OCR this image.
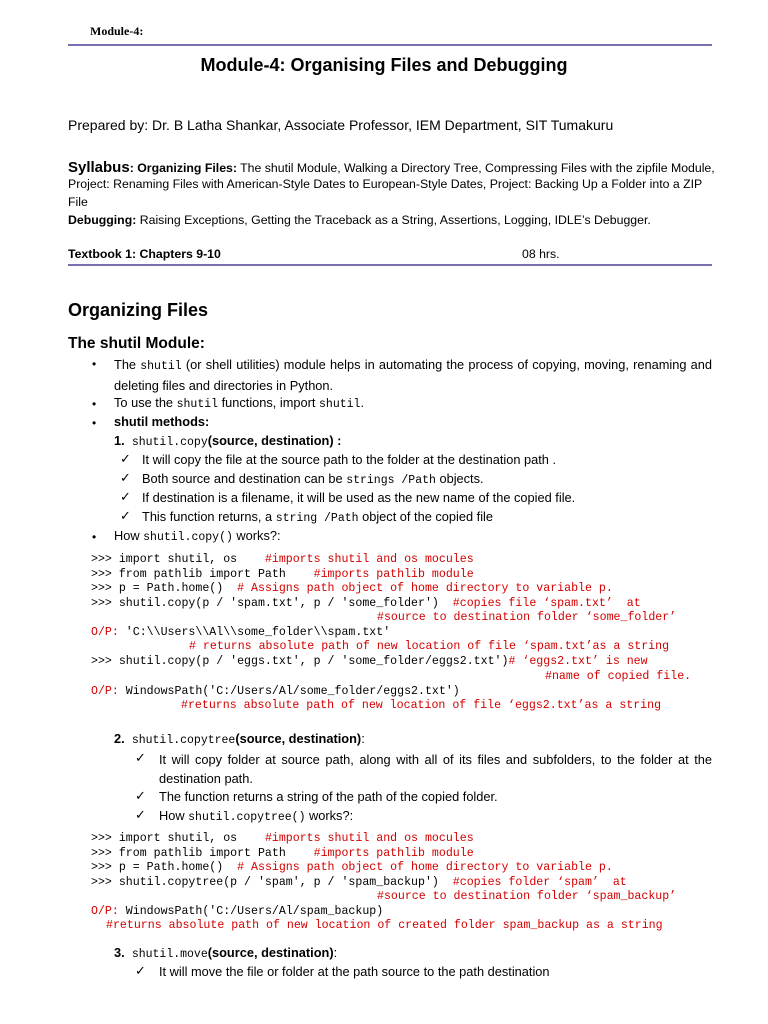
Module-4:
Module-4: Organising Files and Debugging
Prepared by: Dr. B Latha Shankar, Associate Professor, IEM Department, SIT Tumakuru
Syllabus: Organizing Files: The shutil Module, Walking a Directory Tree, Compressing Files with the zipfile Module,
Project: Renaming Files with American-Style Dates to European-Style Dates, Project: Backing Up a Folder into a ZIP
File
Debugging: Raising Exceptions, Getting the Traceback as a String, Assertions, Logging, IDLE’s Debugger.
Textbook 1: Chapters 9-10	08 hrs.
Organizing Files
The shutil Module:
• The shutil (or shell utilities) module helps in automating the process of copying, moving, renaming and deleting files and directories in Python.
• To use the shutil functions, import shutil.
• shutil methods:
1. shutil.copy(source, destination) :
✓ It will copy the file at the source path to the folder at the destination path .
✓ Both source and destination can be strings /Path objects.
✓ If destination is a filename, it will be used as the new name of the copied file.
✓ This function returns, a string /Path object of the copied file
• How shutil.copy() works?:
>>> import shutil, os    #imports shutil and os mocules
>>> from pathlib import Path    #imports pathlib module
>>> p = Path.home()  # Assigns path object of home directory to variable p.
>>> shutil.copy(p / 'spam.txt', p / 'some_folder')  #copies file ‘spam.txt’  at
#source to destination folder ‘some_folder’
O/P: 'C:\\Users\\Al\\some_folder\\spam.txt'
# returns absolute path of new location of file ‘spam.txt’as a string
>>> shutil.copy(p / 'eggs.txt', p / 'some_folder/eggs2.txt')# ‘eggs2.txt’ is new
#name of copied file.
O/P: WindowsPath('C:/Users/Al/some_folder/eggs2.txt')
#returns absolute path of new location of file ‘eggs2.txt’as a string
2. shutil.copytree(source, destination):
✓ It will copy folder at source path, along with all of its files and subfolders, to the folder at the destination path.
✓ The function returns a string of the path of the copied folder.
✓ How shutil.copytree() works?:
>>> import shutil, os    #imports shutil and os mocules
>>> from pathlib import Path    #imports pathlib module
>>> p = Path.home()  # Assigns path object of home directory to variable p.
>>> shutil.copytree(p / 'spam', p / 'spam_backup')  #copies folder ‘spam’  at
#source to destination folder ‘spam_backup’
O/P: WindowsPath('C:/Users/Al/spam_backup)
#returns absolute path of new location of created folder spam_backup as a string
3. shutil.move(source, destination):
✓ It will move the file or folder at the path source to the path destination
